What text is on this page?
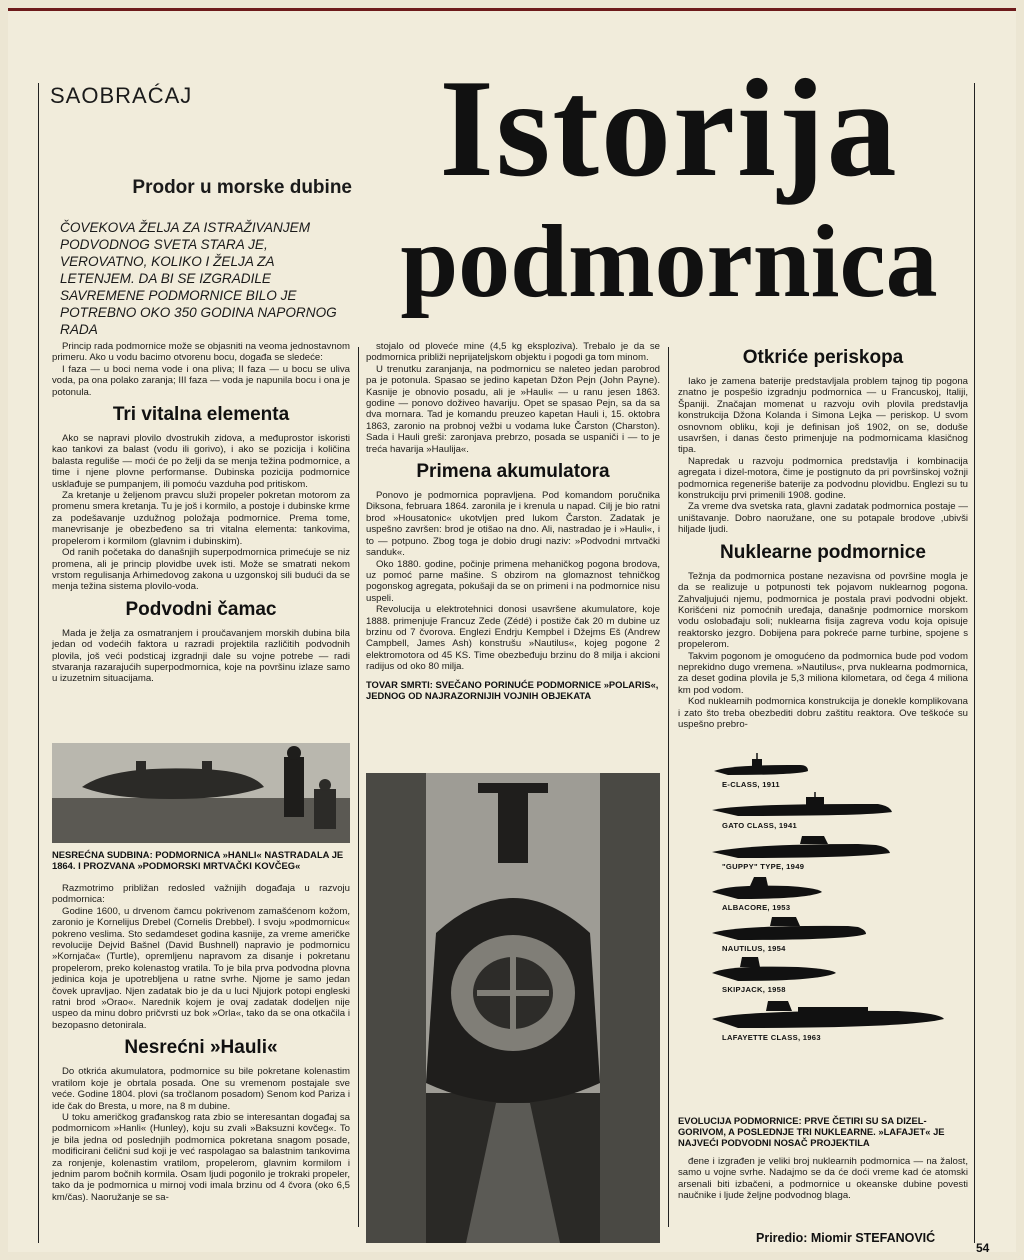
SAOBRAĆAJ	Istorija
podmornica
Prodor u morske dubine
ČOVEKOVA ŽELJA ZA ISTRAŽIVANJEM PODVODNOG SVETA STARA JE, VEROVATNO, KOLIKO I ŽELJA ZA LETENJEM. DA BI SE IZGRADILE SAVREMENE PODMORNICE BILO JE POTREBNO OKO 350 GODINA NAPORNOG RADA

Princip rada podmornice može se objasniti na veoma jednostavnom primeru. Ako u vodu bacimo otvorenu bocu, događa se sledeće:

I faza — u boci nema vode i ona pliva; II faza — u bocu se uliva voda, pa ona polako zaranja; III faza — voda je napunila bocu i ona je potonula.

Tri vitalna elementa

Ako se napravi plovilo dvostrukih zidova, a međuprostor iskoristi kao tankovi za balast (vodu ili gorivo), i ako se pozicija i količina balasta reguliše — moći će po želji da se menja težina podmornice, a time i njene plovne performanse. Dubinska pozicija podmornice usklađuje se pumpanjem, ili pomoću vazduha pod pritiskom.

Za kretanje u željenom pravcu služi propeler pokretan motorom za promenu smera kretanja. Tu je još i kormilo, a postoje i dubinske krme za podešavanje uzdužnog položaja podmornice. Prema tome, manevrisanje je obezbeđeno sa tri vitalna elementa: tankovima, propelerom i kormilom (glavnim i dubinskim).

Od ranih početaka do današnjih superpodmornica primećuje se niz promena, ali je princip plovidbe uvek isti. Može se smatrati nekom vrstom regulisanja Arhimedovog zakona u uzgonskoj sili budući da se menja težina sistema plovilo-voda.

Podvodni čamac

Mada je želja za osmatranjem i proučavanjem morskih dubina bila jedan od vodećih faktora u razradi projektila različitih podvodnih plovila, još veći podsticaj izgradnji dale su vojne potrebe — radi stvaranja razarajućih superpodmornica, koje na površinu izlaze samo u izuzetnim situacijama.

NESREĆNA SUDBINA: PODMORNICA »HANLI« NASTRADALA JE 1864. I PROZVANA »PODMORSKI MRTVAČKI KOVČEG«

Razmotrimo približan redosled važnijih događaja u razvoju podmornica:

Godine 1600, u drvenom čamcu pokrivenom zamašćenom kožom, zaronio je Kornelijus Drebel (Cornelis Drebbel). I svoju »podmornicu« pokreno veslima. Sto sedamdeset godina kasnije, za vreme američke revolucije Dejvid Bašnel (David Bushnell) napravio je podmornicu »Kornjača« (Turtle), opremljenu napravom za disanje i pokretanu propelerom, preko kolenastog vratila. To je bila prva podvodna plovna jedinica koja je upotrebljena u ratne svrhe. Njome je samo jedan čovek upravljao. Njen zadatak bio je da u luci Njujork potopi engleski ratni brod »Orao«. Narednik kojem je ovaj zadatak dodeljen nije uspeo da minu dobro pričvrsti uz bok »Orla«, tako da se ona otkačila i bezopasno detonirala.

Nesrećni »Hauli«

Do otkrića akumulatora, podmornice su bile pokretane kolenastim vratilom koje je obrtala posada. One su vremenom postajale sve veće. Godine 1804. plovi (sa tročlanom posadom) Senom kod Pariza i ide čak do Bresta, u more, na 8 m dubine.

U toku američkog građanskog rata zbio se interesantan događaj sa podmornicom »Hanli« (Hunley), koju su zvali »Baksuzni kovčeg«. To je bila jedna od poslednjih podmornica pokretana snagom posade, modificirani čelični sud koji je već raspolagao sa balastnim tankovima za ronjenje, kolenastim vratilom, propelerom, glavnim kormilom i jednim parom bočnih kormila. Osam ljudi pogonilo je trokraki propeler, tako da je podmornica u mirnoj vodi imala brzinu od 4 čvora (oko 6,5 km/čas). Naoružanje se sa-

stojalo od ploveće mine (4,5 kg eksploziva). Trebalo je da se podmornica približi neprijateljskom objektu i pogodi ga tom minom.

U trenutku zaranjanja, na podmornicu se naleteo jedan parobrod pa je potonula. Spasao se jedino kapetan Džon Pejn (John Payne). Kasnije je obnovio posadu, ali je »Hauli« — u ranu jesen 1863. godine — ponovo doživeo havariju. Opet se spasao Pejn, sa da sa dva mornara. Tad je komandu preuzeo kapetan Hauli i, 15. oktobra 1863, zaronio na probnoj vežbi u vodama luke Čarston (Charston). Sada i Hauli greši: zaronjava prebrzo, posada se uspaniči i — to je treća havarija »Haulija«.

Primena akumulatora

Ponovo je podmornica popravljena. Pod komandom poručnika Diksona, februara 1864. zaronila je i krenula u napad. Cilj je bio ratni brod »Housatonic« ukotvljen pred lukom Čarston. Zadatak je uspešno završen: brod je otišao na dno. Ali, nastradao je i »Hauli«, i to — potpuno. Zbog toga je dobio drugi naziv: »Podvodni mrtvački sanduk«.

Oko 1880. godine, počinje primena mehaničkog pogona brodova, uz pomoć parne mašine. S obzirom na glomaznost tehničkog pogonskog agregata, pokušaji da se on primeni i na podmornice nisu uspeli.

Revolucija u elektrotehnici donosi usavršene akumulatore, koje 1888. primenjuje Francuz Zede (Zédé) i postiže čak 20 m dubine uz brzinu od 7 čvorova. Englezi Endrju Kempbel i Džejms Eš (Andrew Campbell, James Ash) konstrušu »Nautilus«, kojeg pogone 2 elektromotora od 45 KS. Time obezbeđuju brzinu do 8 milja i akcioni radijus od oko 80 milja.

TOVAR SMRTI: SVEČANO PORINUĆE PODMORNICE »POLARIS«, JEDNOG OD NAJRAZORNIJIH VOJNIH OBJEKATA
Otkriće periskopa

Iako je zamena baterije predstavljala problem tajnog tip pogona znatno je pospešio izgradnju podmornica — u Francuskoj, Italiji, Španiji. Značajan momenat u razvoju ovih plovila predstavlja konstrukcija Džona Kolanda i Simona Lejka — periskop. U svom osnovnom obliku, koji je definisan još 1902, on se, doduše usavršen, i danas često primenjuje na podmornicama klasičnog tipa.

Napredak u razvoju podmornica predstavlja i kombinacija agregata i dizel-motora, čime je postignuto da pri površinskoj vožnji podmornica regeneriše baterije za podvodnu plovidbu. Englezi su tu konstrukciju prvi primenili 1908. godine.

Za vreme dva svetska rata, glavni zadatak podmornica postaje — uništavanje. Dobro naoružane, one su potapale brodove ,ubivši hiljade ljudi.

Nuklearne podmornice

Težnja da podmornica postane nezavisna od površine mogla je da se realizuje u potpunosti tek pojavom nuklearnog pogona. Zahvaljujući njemu, podmornica je postala pravi podvodni objekt. Korišćeni niz pomoćnih uređaja, današnje podmornice morskom vodu oslobađaju soli; nuklearna fisija zagreva vodu koja opisuje reaktorsko jezgro. Dobijena para pokreće parne turbine, spojene s propelerom.

Takvim pogonom je omogućeno da podmornica bude pod vodom neprekidno dugo vremena. »Nautilus«, prva nuklearna podmornica, za deset godina plovila je 5,3 miliona kilometara, od čega 4 miliona km pod vodom.

Kod nuklearnih podmornica konstrukcija je donekle komplikovana i zato što treba obezbediti dobru zaštitu reaktora. Ove teškoće su uspešno prebro-

E-CLASS, 1911
GATO CLASS, 1941
"GUPPY" TYPE, 1949
ALBACORE, 1953
NAUTILUS, 1954
SKIPJACK, 1958
LAFAYETTE CLASS, 1963
EVOLUCIJA PODMORNICE: PRVE ČETIRI SU SA DIZEL-GORIVOM, A POSLEDNJE TRI NUKLEARNE. »LAFAJET« JE NAJVEĆI PODVODNI NOSAČ PROJEKTILA

đene i izgrađen je veliki broj nuklearnih podmornica — na žalost, samo u vojne svrhe. Nadajmo se da će doći vreme kad će atomski arsenali biti izbačeni, a podmornice u okeanske dubine povesti naučnike i ljude željne podvodnog blaga.

Priredio: Miomir STEFANOVIĆ
54
